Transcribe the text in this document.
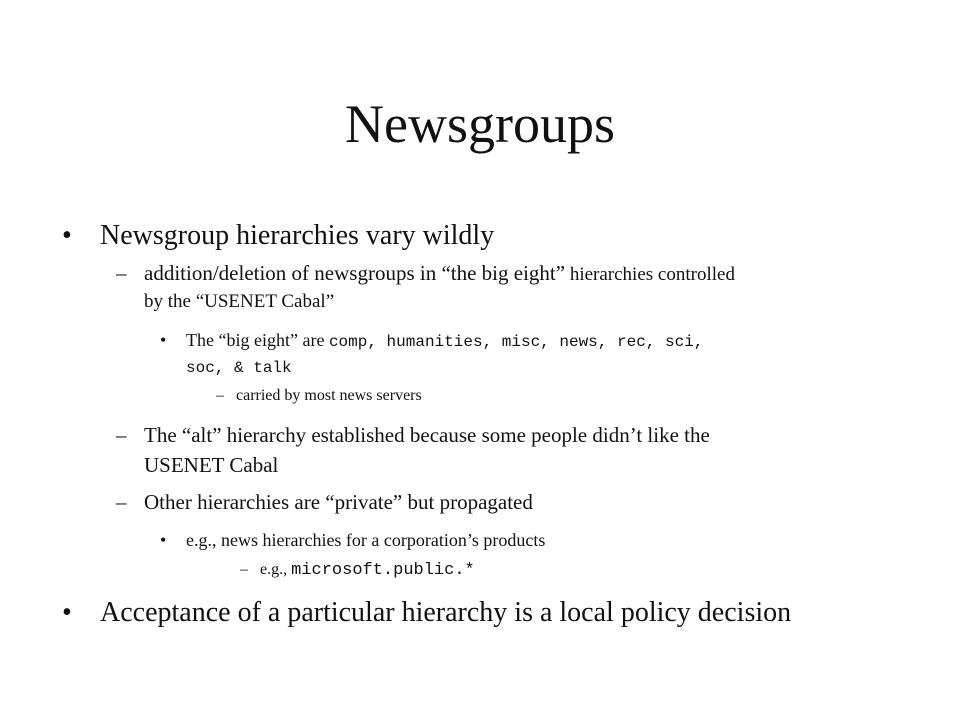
Newsgroups
• Newsgroup hierarchies vary wildly
– addition/deletion of newsgroups in “the big eight” hierarchies controlled
by the “USENET Cabal”
• The “big eight” are comp, humanities, misc, news, rec, sci,
soc, & talk
– carried by most news servers
– The “alt” hierarchy established because some people didn’t like the
USENET Cabal
– Other hierarchies are “private” but propagated
• e.g., news hierarchies for a corporation’s products
– e.g., microsoft.public.*
• Acceptance of a particular hierarchy is a local policy decision
